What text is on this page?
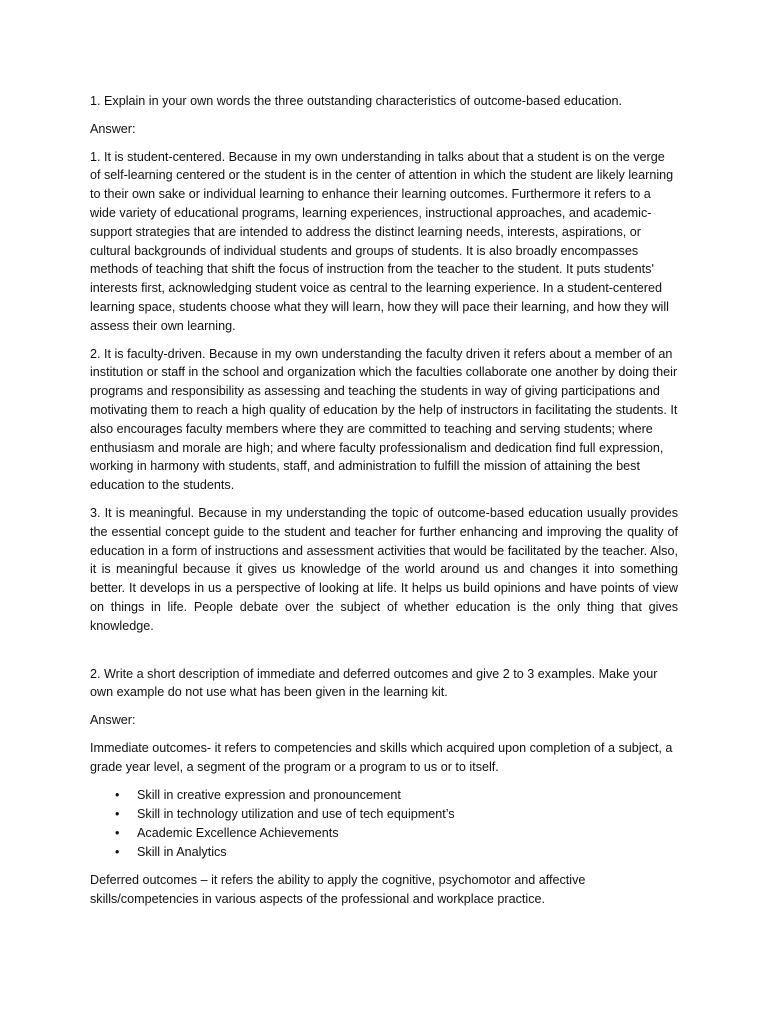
1. Explain in your own words the three outstanding characteristics of outcome-based education.

Answer:

1. It is student-centered. Because in my own understanding in talks about that a student is on the verge of self-learning centered or the student is in the center of attention in which the student are likely learning to their own sake or individual learning to enhance their learning outcomes. Furthermore it refers to a wide variety of educational programs, learning experiences, instructional approaches, and academic-support strategies that are intended to address the distinct learning needs, interests, aspirations, or cultural backgrounds of individual students and groups of students. It is also broadly encompasses methods of teaching that shift the focus of instruction from the teacher to the student. It puts students' interests first, acknowledging student voice as central to the learning experience. In a student-centered learning space, students choose what they will learn, how they will pace their learning, and how they will assess their own learning.

2. It is faculty-driven. Because in my own understanding the faculty driven it refers about a member of an institution or staff in the school and organization which the faculties collaborate one another by doing their programs and responsibility as assessing and teaching the students in way of giving participations and motivating them to reach a high quality of education by the help of instructors in facilitating the students. It also encourages faculty members where they are committed to teaching and serving students; where enthusiasm and morale are high; and where faculty professionalism and dedication find full expression, working in harmony with students, staff, and administration to fulfill the mission of attaining the best education to the students.

3. It is meaningful. Because in my understanding the topic of outcome-based education usually provides the essential concept guide to the student and teacher for further enhancing and improving the quality of education in a form of instructions and assessment activities that would be facilitated by the teacher. Also, it is meaningful because it gives us knowledge of the world around us and changes it into something better. It develops in us a perspective of looking at life. It helps us build opinions and have points of view on things in life. People debate over the subject of whether education is the only thing that gives knowledge.

2. Write a short description of immediate and deferred outcomes and give 2 to 3 examples. Make your own example do not use what has been given in the learning kit.

Answer:

Immediate outcomes- it refers to competencies and skills which acquired upon completion of a subject, a grade year level, a segment of the program or a program to us or to itself.

• Skill in creative expression and pronouncement
• Skill in technology utilization and use of tech equipment’s
• Academic Excellence Achievements
• Skill in Analytics

Deferred outcomes – it refers the ability to apply the cognitive, psychomotor and affective skills/competencies in various aspects of the professional and workplace practice.
